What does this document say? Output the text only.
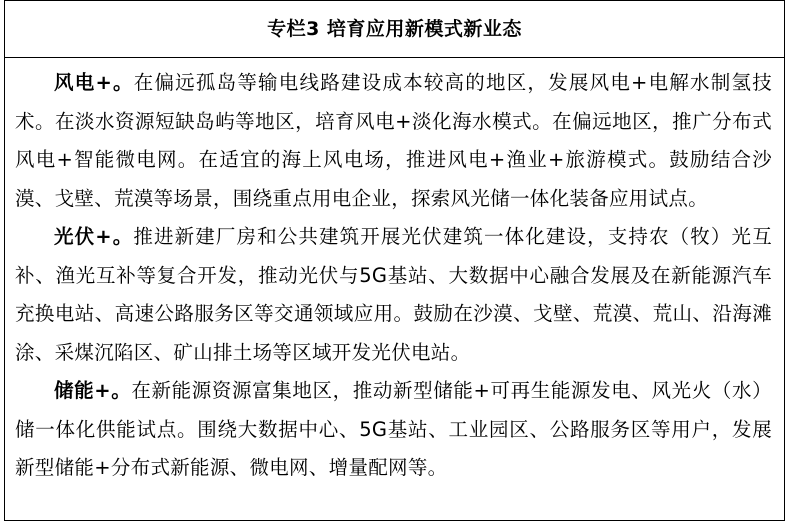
专栏3 培育应用新模式新业态

风电+。在偏远孤岛等输电线路建设成本较高的地区，发展风电+电解水制氢技术。在淡水资源短缺岛屿等地区，培育风电+淡化海水模式。在偏远地区，推广分布式风电+智能微电网。在适宜的海上风电场，推进风电+渔业+旅游模式。鼓励结合沙漠、戈壁、荒漠等场景，围绕重点用电企业，探索风光储一体化装备应用试点。

光伏+。推进新建厂房和公共建筑开展光伏建筑一体化建设，支持农（牧）光互补、渔光互补等复合开发，推动光伏与5G基站、大数据中心融合发展及在新能源汽车充换电站、高速公路服务区等交通领域应用。鼓励在沙漠、戈壁、荒漠、荒山、沿海滩涂、采煤沉陷区、矿山排土场等区域开发光伏电站。

储能+。在新能源资源富集地区，推动新型储能+可再生能源发电、风光火（水）储一体化供能试点。围绕大数据中心、5G基站、工业园区、公路服务区等用户，发展新型储能+分布式新能源、微电网、增量配网等。
